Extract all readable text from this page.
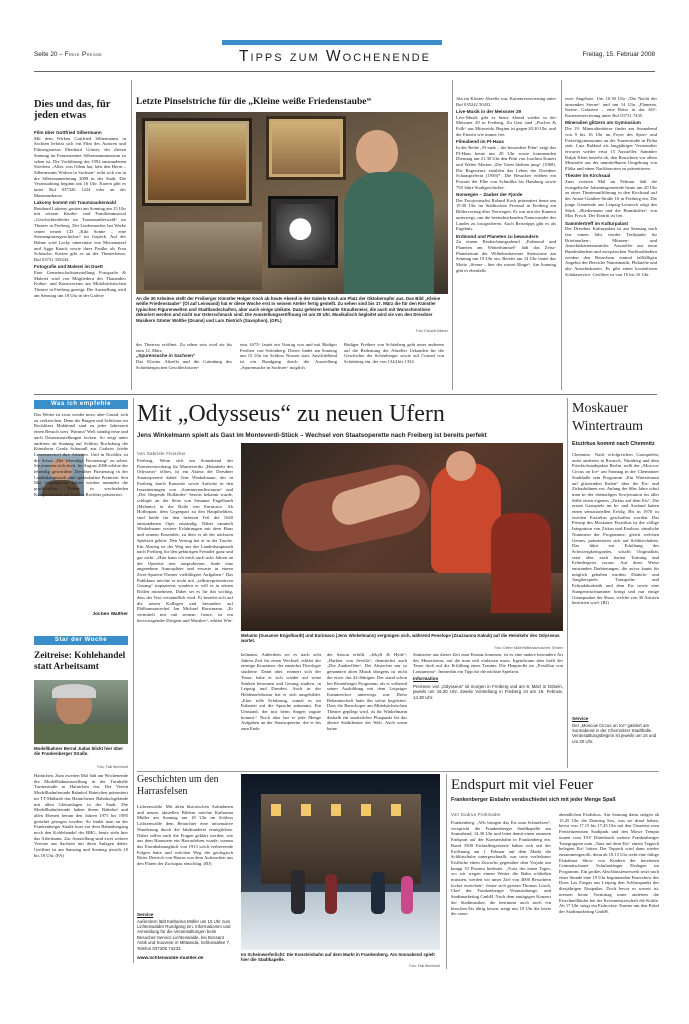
Seite 20 – Freie Presse	Tipps zum Wochenende	Freitag, 15. Februar 2008
Dies und das, für jeden etwas

Film über Gottfried Silbermann
Mit dem Wirken Gottfried Silbermanns in Sachsen befasst sich ein Film des Autoren und Filmregisseurs Eberhard Görner, der diesen Sonntag im Frauensteiner Silbermannmuseum zu sehen ist. Die Vorführung des 1992 entstandenen Streifens „Alles, was Odem hat, lobe den Herrn – Silbermanns Wirken in Sachsen“ reiht sich ein in die Silbermannehrung 2008 in der Stadt. Die Veranstaltung beginnt um 16 Uhr. Karten gibt es unter Ruf 037326 1224 oder an der Museumskasse.

Lakomy kommt mit Traumzauberwald
Reinhard Lakomy gastiert am Sonntag um 15 Uhr mit seinem Kinder- und Familienmusical „Geschichtenlieder im Traumzauberwald“ im Theater in Freiberg. Der Liedermacher hat Werke seiner neuen CD „Kiki Sonne – eine Sternenputzergeschichte“ im Gepäck. Auf der Bühne wird Lacky unterstützt von Moosmutzel und Agga Knack sowie ihres Paulke als Frau Scheuche. Karten gibt es an der Theaterkasse, Ruf 03731 358234.

Fotografie und Malerei im Duett
Eine Gemeinschaftsausstellung Fotografie & Malerei wird von Mitgliedern des Tharandter Kultur- und Kunstvereins am Mittelsächsischen Theater in Freiberg gezeigt. Die Ausstellung wird am Samstag um 18 Uhr in der Galerie

Letzte Pinselstriche für die „Kleine weiße Friedenstaube“
An die 30 Arbeiten stellt der Freiberger Künstler Holger Koch ab heute Abend in der Galerie Koch am Platz der Oktoberopfer aus. Das Bild „Kleine weiße Friedenstaube“ (Öl auf Leinwand) hat er diese Woche erst in seinem Atelier fertig gestellt. Zu sehen sind bis 17. März die für den Künstler typischen Figurenwelten und Stadtlandschaften, aber auch einige Unikate. Dazu gehören bemalte Straußeneier, die auch mit Wunschmotiven dekoriert werden und nicht nur Osterschmuck sind. Die Ausstellungseröffnung ist um 20 Uhr. Musikalisch begleitet wird sie von den Dresdner Musikern Günter Wolthe (Drums) und Lars Dietrich (Saxophon). (GFL)
Foto: Eckardt Mildner
des Theaters eröffnet. Zu sehen sein wird sie bis zum 12. März.
„Spurensuche in Sachsen“
Das Kloster Altzella und die Gründung des Schönbergischen Geschlechtswer-
eins 1675“ lautet ein Vortrag von und mit Rüdiger Freiherr von Schönberg. Dieser findet am Sonntag um 15 Uhr im Schloss Nossen statt. Anschließend ist ein Rundgang durch die Ausstellung „Spurensuche in Sachsen“ möglich.
Rüdiger Freiherr von Schönberg geht unter anderem auf die Bedeutung der Altzeller Urkunden für die Geschichte der Schönberger sowie auf Conrad von Schönberg ein, der von 1344 bis 1354

Abt im Kloster Altzella war. Kartenreservierung unter Ruf 035242 50432.

Live-Musik in der Meissner 29
Live-Musik gibt es heute Abend wieder in der Meissner 29 in Freiberg. Zu Gast sind „Fischer & Folk“ aus Mittweida. Beginn ist gegen 20.30 Uhr, und der Eintritt wie immer frei.

Filmabend im Pi-Haus
In der Reihe „Pi-onik – der besondere Film“ zeigt das PI-Haus heute um 20 Uhr sowie kommenden Dienstag um 21.30 Uhr den Film von Joachim Kunert und Walter Marten „Die Toten bleiben jung“ (1968). Die Regisseure erzählen das Leben der Dresdner Schauspielerin (1956)*. Die Besucher erleben ein Portrait der Elbe von Schmilka bis Hamburg sowie 750 Jahre Stadtgeschichte.

Norwegen – Zauber der Fjorde
Der Fotojournalist Roland Koch präsentiert heute um 19.30 Uhr im Städtischen Festsaal in Freiberg ein Bildervortrag über Norwegen. Er war mit der Kamera unterwegs, um die beeindruckenden Naturwunder des Landes zu fotografieren. Auch Reisetipps gibt es als Ergebnis.

Erdmond und Planeten zu bewundern
Zu einem Beobachtungsabend „Erdmond und Planeten am Winterhimmel“ lädt das Zeiss-Planetarium der Wilhelmshavener Sternwarte am Sonntag um 19 Uhr ein. Bereits um 14 Uhr lautet das Motto „Sterne – hier der soweit Ringe“. Am Sonntag gibt es ebenfalls

zwei Angebote. Um 10.30 Uhr „Die Nacht der tanzenden Sterne“ und um 14 Uhr „Planeten, Sterne, Galaxien – eine Reise in das All“. Kartenreservierung unter Ruf 03731 7435.

Mineralien glitzern am Gymnasium
Die 19. Mineralienbörse findet am Sonnabend von 9 bis 16 Uhr im Foyer des Sport- und Freizeitgymnasiums an der Turnerstraße in Flöha statt. Lutz Baldauf als langjähriger Veranstalter erwartet wieder etwa 15 Aussteller. Sammler Ralph Klein besteht ob, den Besuchern vor allem Mineralie aus der unmittelbaren Umgebung von Flöha und einen Nachbarorten zu präsentieren.

Theater im Kirchsaal
Zum zweiten Mal im Februar lädt die evangelische Johannisgemeinde heute um 20 Uhr zu einer Theateraufführung in den Kirchsaal auf der Anton-Günther-Straße 16 in Freiberg ein. Die junge Gemeinde aus Leipzig-Leutzsch zeigt das Stück „Biedermann und die Brandstifter“ von Max Frisch. Der Eintritt ist frei.

Sammlertreff im Kulturpalast
Der Dresdner Kulturpalast ist am Samstag nach fast einem Jahr wieder Treffpunkt für Briefmarken-, Münzen- und Ansichtskartensammler. Aussteller aus neun Bundesländern und europäischen Nachbarländern werden den Besuchern einmal fallfälligen Angebot der Bereiche Numismatik, Philatelie und alte Ansichtskarten. Es gibt einen kostenlosen Schätzservice. Geöffnet ist von 10 bis 16 Uhr.

Was ich empfehle
Das Wetter ist zwar wieder mies, aber Grund, sich zu verkriechen. Denn die Burgen und Schlösser im Rochlitzer Muldental sind zu jeder Jahreszeit einen Besuch wert. Warum? Weil ständig neue und auch Dauerausstellungen locken. So zeigt unter anderem ab Sonntag auf Schloss Rochsburg die Künstlerin Gerda Schaundl aus Grabow (siehe Lesereservice) ihre Arbeiten. Und in Rochlitz ist die Schau „Der lebendige Fürstenzug“ zu sehen. Sie erinnern sich doch. Im August 2006 erlebte der lebendig gewordene Dresdner Fürstenzug in der Landeshauptstadt eine spektakuläre Premiere. Seit Mai vergangenen Jahres werden nunmehr die prachtvollen Roben in wechselnden Kompositionen auf Schloss Rochlitz präsentiert.
Jochen Walther
Star der Woche
Zeitreise: Kohlehandel statt Arbeitsamt
Modellbahner Bernd Judas blickt hier über die Frankenberger Straße.
Foto: Falk Bernhardt
Hainichen. Zum zweiten Mal lädt am Wochenende die Modellbahnausstellung in der Turnhalle Turnerstraße in Hainichen ein. Der Verein Modellbahnfreunde Bahnhof Hainichen präsentiert im TT-Maßstab das Hainichener Bahnhofsgelände mit allen Gleisanlagen in der Stadt. Die Modellbahnfreunde haben ihrem Bahnhof und allen Ebenen herum den Jahren 1975 bis 1985 gestaltet gezogen worden. So findet man an der Frankenberger Straße kurz vor dem Bahnübergang noch den Kohlehandel der BHG, heute steht hier das Arbeitsamt. Zur Ausstellung sind zwei weitere Vereine aus Sachsen mit ihren Anlagen dabei. Geöffnet ist am Samstag und Sonntag jeweils 10 bis 18 Uhr. (FA)
Mit „Odysseus“ zu neuen Ufern
Jens Winkelmann spielt als Gast im Monteverdi-Stück – Wechsel von Staatsoperette nach Freiberg ist bereits perfekt
Von Gabriele Fleischer
Freiberg. Wenn sich am Sonnabend der Premierenvorhang für Monteverdis „Heimkehr des Odysseus“ öffnet, ist ein Akteur der Dresdner Staatsoperette dabei: Jens Winkelmann, der in Freiberg durch Konzerte sowie Auftritte in den Inszenierungen von „Sommernachtstraum“ und „Der fliegende Holländer“ bereits bekannt wurde, schlüpft an der Seite von Susanne Engelhardt (Melanto) in die Rolle von Eurimaco. Ab Hofbopaar, dem Gegenpart zu den Hauptheldien, sind beide für den heiteren Teil der 1640 entstandenen Oper zuständig. Dabei sammelt Winkelmann weitere Erfahrungen mit dem Haus und seinem Ensemble, zu dem er ab der nächsten Spielzeit gehört. Den Vertrag hat er in der Tasche. Ein Abstieg ist der Weg aus der Landeshauptstadt nach Freiberg für den gebürtigen Freitaler ganz und gar nicht. „Hier kann ich mich auch acht Jahren an der Operette neu ausprobieren, finde eine angenehme Atmosphäre und erwarte in einem Zwei-Sparten-Theater vielfältigere Aufgaben.“ Das Publikum möchte er nicht mit „selbstrepräsentiven Gesang“ trapazieren, sondern er will es in seinen Rollen mitnehmen. Dabei sei es für ihn wichtig, dass der Text verständlich wird. Er bezieht sich auf die neuen Kollegen und besonders auf Philharmoniechef Jan Michael Horstmann. „Er vermittelt mir mit seinem Genre, ist ein hervorragender Dirigent und Musiker“, erklärt Win-
Melanto (Susanne Engelhardt) und Eurimaco (Jens Winkelmann) vergnügen sich, während Penelope (Zsuzsanna Kakuk) auf die Heimkehr des Odysseus wartet.
Foto: Detlev Müller/Mittelsächsisches Theater
kelmann. Außerdem sei es nach acht Jahren Zeit für einen Wechsel, erklärt der einstige Kruzianer, der zunächst Theologie studierte. Dann aber, erinnert sich der Tenor, habe er sich wieder auf seine Stärken besonnen und Gesang studiert, in Leipzig und Dresden. Auch in der Heldenzelebratur hat er sich ausgebildet. „Eine tolle Erfahrung, zumal es im Kabarett auf die Sprache ankommt. Ein Umstand, der mir beim Singen zugute kommt.“ Noch aber hat er jede Menge Aufgaben an der Staatsoperette, die er bis zum Ende
der Saison erfüllt: „Jekyll & Hyde“, „Barbier von Sevilla“, demnächst auch „Die Zauberflöte“. Der Abstecher nur so genannten alten Musik übrigens ist nicht der erste: das 42-Jährigen. Der stand schon bei Rosenberger Programm, als er während seiner Ausbildung mit dem Leipziger Kammerchor unterwegs war. Diese Bekanntschaft hatte ihn sofort begeistert. Dass die Barockoper am Mittelsächsischen Theater gepflegt wird, ist für Winkelmann deshalb ein zusätzlicher Pluspunkt für das älteste Stadttheater der Welt. Auch wenn keine

Statisterie aus dieser Zeit zum Einsatz kommen, ist es eine andere besondere Art des Musizierens, auf die man sich einlassen muss. Irgendwann aber hofft der Tenor doch auf die Erfüllung eines Traums: Die Hauptrolle im „Postillon von Lonjumeau“. Immerhin ein Tipp für die nächste Spielzeit.

Information

Premiere von „Odysseus“ ist morgen in Freiberg und am 8. März in Döbeln, jeweils um 19.30 Uhr. Zweite Vorstellung in Freiberg ist am 19. Februar, 14.30 Uhr.

Moskauer Wintertraum
Eiszirkus kommt nach Chemnitz
Chemnitz. Nach erfolgreichen Gastspielen, unter anderem in Rostock, Nürnberg und dem Friedrichstadtpalast Berlin, stellt der „Moscow Circus on Ice“ am Sonntag in der Chemnitzer Stadthalle sein Programm „Ein Wintertraum auf glitzernden Kufen“ über die Eis- und Zirkusbühnen vor. Anfang der 60er Jahre schuf man in der ehemaligen Sowjetunion im aller Stille einen eigenen „Zirkus auf dem Eis“. Die ersten Gastspiele im In- und Ausland hatten einen sensationellen Erfolg. Bis in 1970 ist zweiten Eiszirkus geschaffen worden. Das Prinzip des Moskauer Eiszirkus ist die völlige Integration von Zirkus und Eisshow, sämtliche Nummern der Programme, gleich welchen Genres, präsentieren sich auf Schlittschuhen. Das führt zur Erhöhung des Schwierigkeitsgrades, schafft Originalität, setzt aber auch harten Training und Erfindergeist voraus. Auf diese Weise entstanden Darbietungen, die zuvor kaum für möglich gehalten wurden. Diabolo- und Jonglierspiele, Trampolin- und Faltradakrobatik und dem Eis sowie eine Stangenwurfnummer bringt und nur einige Glanzpunkte der Show, welche von 30 Artisten bestritten wird. (BJ)

Service

Der „Moscow Circus on Ice“ gastiert am Sonnabend in der Chemnitzer Stadthalle. Veranstaltungsbeginn ist jeweils um 16 und um 20 Uhr.

Geschichten um den Harrasfelsen
Lichtenwalde. Mit alten historischen Aufnahmen und neuen, aktuellen Bildern möchte Katharina Müller am Sonntag um 18 Uhr im Schloss Lichtenwalde dem Betrachter eine informative Wanderung durch die Jahrhunderte ermöglichen. Dabei sollen auch die Fragen geklärt werden, wie aus dem Hausstein ein Harrasfelsen wurde, warum das Eisenbahnunglück von 1913 solch verheerende Folgen hatte und welchen Weg die geologisch Ritter Dietrich von Harras von dem Auftauchen aus den Fluten der Zschopau einschlug. (BJ)

Service

Außerdem lädt Katharina Müller um 15 Uhr zum Lichtenwalder Rundgang ein. Informationen und Anmeldung für die Veranstaltungen beim Besucher-Service Lichtenwalde, bei Bossant Antik und Souvenir in Mittweida, Schlossallee 7, Telefon 037206 74233.

www.lichtenwalde-mueller.de
Im Scheinwerferlicht: Die Kunsteisbahn auf dem Markt in Frankenberg. Am Sonnabend spielt hier die Stadtkapelle.
Foto: Falk Bernhardt
Endspurt mit viel Feuer
Frankenberger Eisbahn verabschiedet sich mit jeder Menge Spaß
Von Gudrun Frohmader
Frankenberg. „Wir bringen das Eis zum Schmelzen“, verspricht die Frankenberger Stadtkapelle am Sonnabend, 14.30 Uhr und leitet damit einen rasanten Endspurt auf der Kunsteisbahn in Frankenberg ein. Rund 3500 Eislaufbegeisterte haben sich seit der Eröffnung am 1. Februar auf dem Markt die Schlittschuhe untergeschnallt, war trotz vorlesbarer Eisfläche einen Zuwachs gegenüber dem Vorjahr um knapp 10 Prozent bedeutet. „Trotz der einen Tages, wo wir wegen einem Wetter die Bahn schließen mussten, werden wir unser Ziel von 4000 Besuchern locker erreichen“, freute sich gestern Thomas Lösch, Chef der Frankenberger Veranstaltungs- und Stadtmarketing GmbH. Nach dem eintägigen Konzert der Stadtmusiker, die bestimmt auch noch ein bisschen Eis übrig lassen, steigt um 18 Uhr die letzte der sonn-
abendlichen Eisdiskos. Am Sonntag dann steigen ab 15.45 Uhr die Dancing Sox, was sie drauf haben, bevor von 17.15 bis 17.45 Uhr mit den Tänzerns vom Freizeitzentrum Stadtpark und den Mowe Tempta tionen vom TSV Dittenbach weitere Frankenberger Tanzgruppen zum „Tanz auf dem Eis“ einem Teppich belegten Eis“ bitten. Der Teppich wird dann wieder zusammengerollt, denn ab 18.15 Uhr steht eine faltige Eisbahnar Show von Kindern der bereiteten Crimmitschauer Schulanfänger Einlagen im Programm. Ein großes Abschlussfeuerwerk setzt nach einer Stunde eine 19 Uhr beginnenden Feuershow des Duos Las Fuegas aus Leipzig den Schlusspunkt des diesjährigen Eisspaßes. Doch bevor es soweit ist, messen heute Vormittag unter anderem die Eisschnellläufer bei der Kreismeisterschaft die Kräfte. Ab 17 Uhr steigt ein Eishockey-Turnier um den Pokal der Stadtmarketing GmbH.
